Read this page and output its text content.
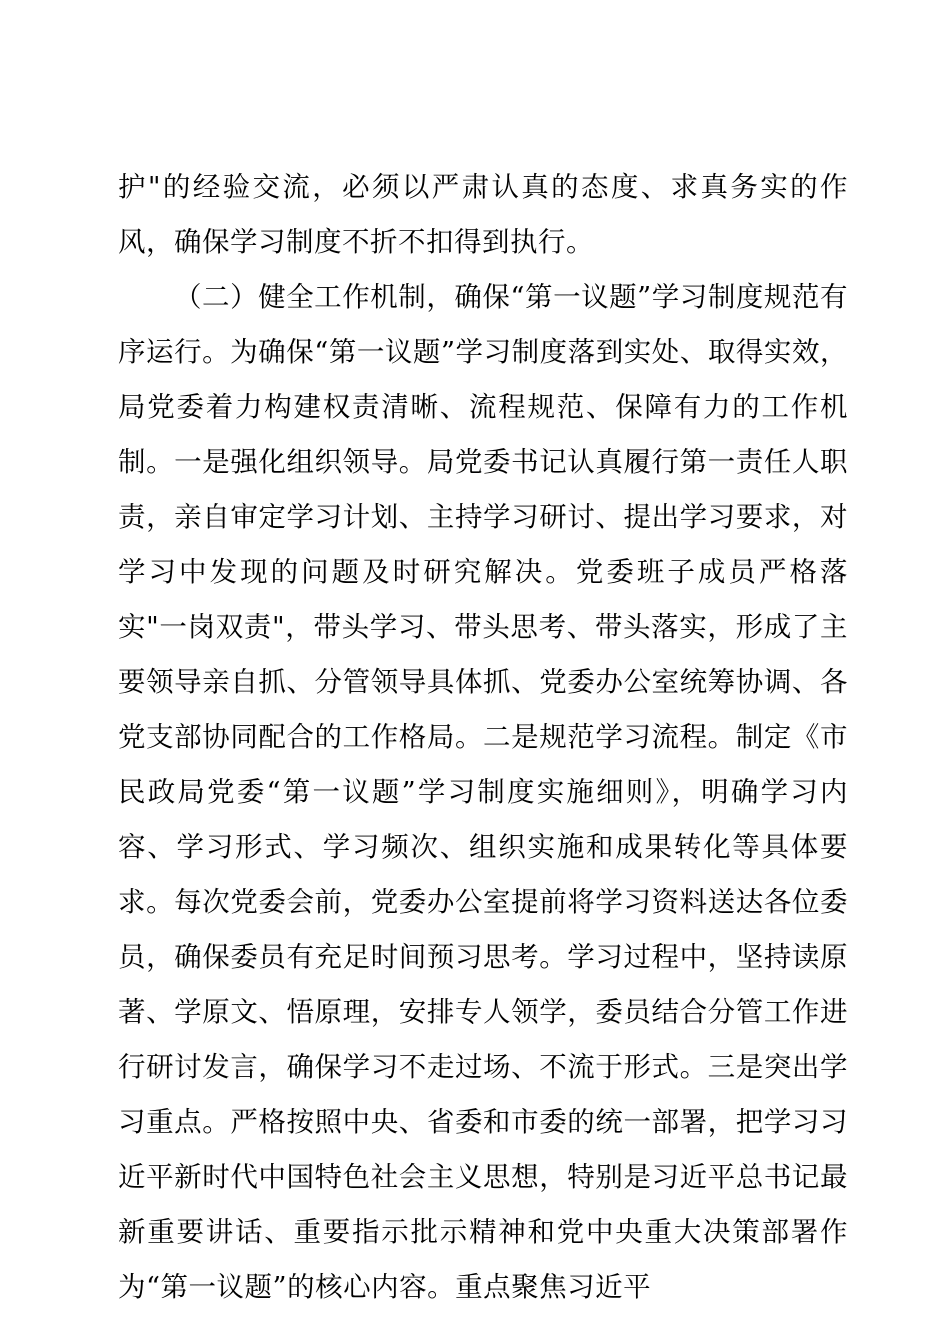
护"的经验交流，必须以严肃认真的态度、求真务实的作风，确保学习制度不折不扣得到执行。

（二）健全工作机制，确保“第一议题”学习制度规范有序运行。为确保“第一议题”学习制度落到实处、取得实效，局党委着力构建权责清晰、流程规范、保障有力的工作机制。一是强化组织领导。局党委书记认真履行第一责任人职责，亲自审定学习计划、主持学习研讨、提出学习要求，对学习中发现的问题及时研究解决。党委班子成员严格落实"一岗双责"，带头学习、带头思考、带头落实，形成了主要领导亲自抓、分管领导具体抓、党委办公室统筹协调、各党支部协同配合的工作格局。二是规范学习流程。制定《市民政局党委“第一议题”学习制度实施细则》，明确学习内容、学习形式、学习频次、组织实施和成果转化等具体要求。每次党委会前，党委办公室提前将学习资料送达各位委员，确保委员有充足时间预习思考。学习过程中，坚持读原著、学原文、悟原理，安排专人领学，委员结合分管工作进行研讨发言，确保学习不走过场、不流于形式。三是突出学习重点。严格按照中央、省委和市委的统一部署，把学习习近平新时代中国特色社会主义思想，特别是习近平总书记最新重要讲话、重要指示批示精神和党中央重大决策部署作为“第一议题”的核心内容。重点聚焦习近平
